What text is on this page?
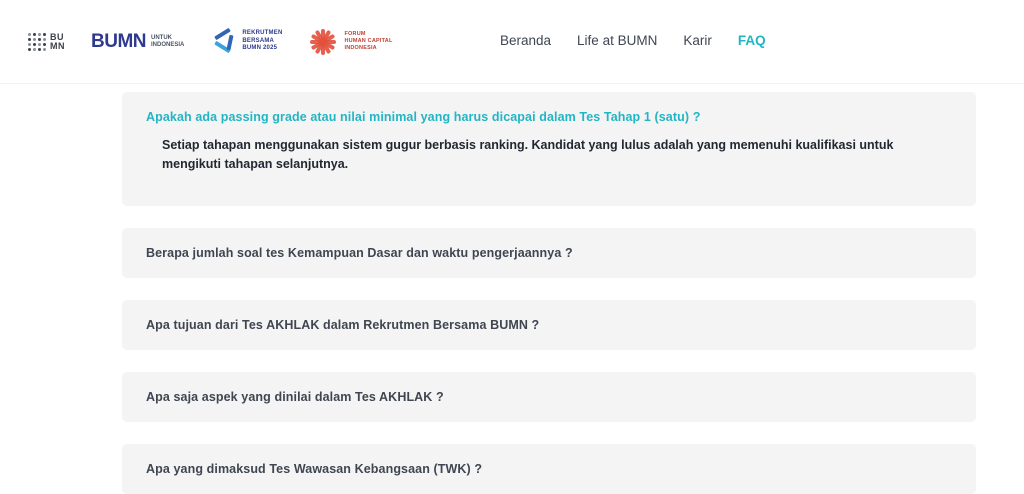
BU
MN BUMN UNTUK
INDONESIA
REKRUTMEN
BERSAMA
BUMN 2025
FORUM
HUMAN CAPITAL
INDONESIA	Beranda Life at BUMN Karir FAQ
Apakah ada passing grade atau nilai minimal yang harus dicapai dalam Tes Tahap 1 (satu) ?
Setiap tahapan menggunakan sistem gugur berbasis ranking. Kandidat yang lulus adalah yang memenuhi kualifikasi untuk mengikuti tahapan selanjutnya.
Berapa jumlah soal tes Kemampuan Dasar dan waktu pengerjaannya ?
Apa tujuan dari Tes AKHLAK dalam Rekrutmen Bersama BUMN ?
Apa saja aspek yang dinilai dalam Tes AKHLAK ?
Apa yang dimaksud Tes Wawasan Kebangsaan (TWK) ?
